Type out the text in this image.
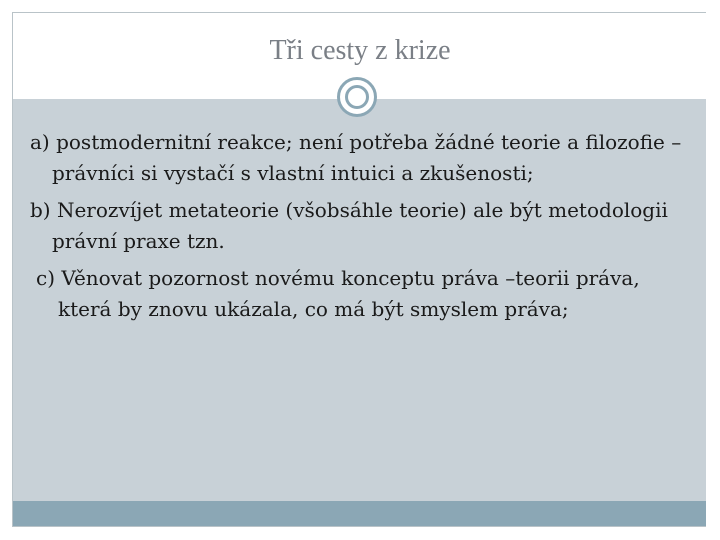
Tři cesty z krize

a) postmodernitní reakce; není potřeba žádné teorie a filozofie – právníci si vystačí s vlastní intuici a zkušenosti;

b) Nerozvíjet metateorie (všobsáhle teorie) ale být metodologii právní praxe tzn.

c) Věnovat pozornost novému konceptu práva –teorii práva, která by znovu ukázala, co má být smyslem práva;
